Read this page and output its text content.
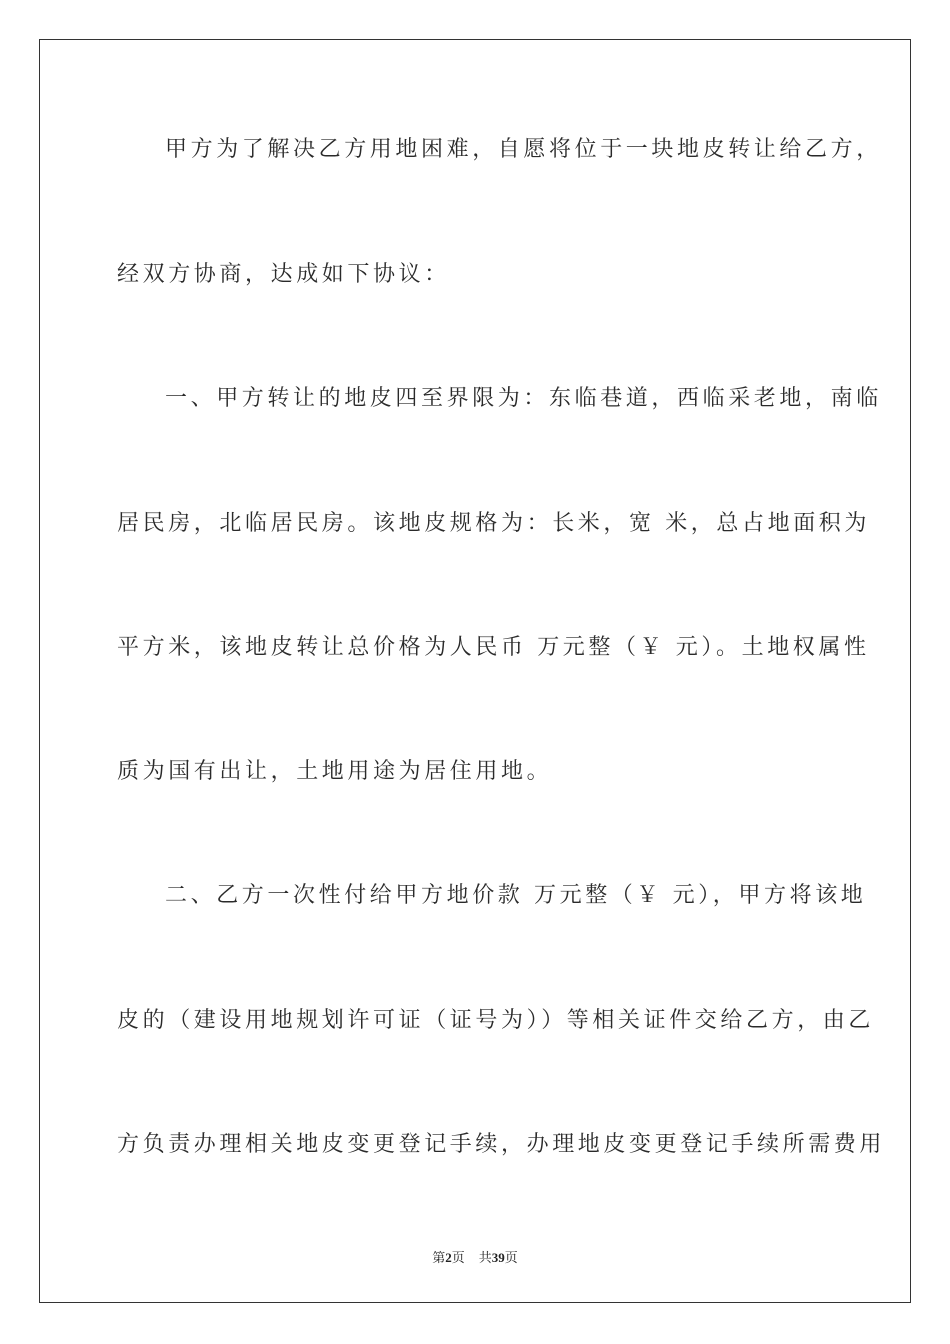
甲方为了解决乙方用地困难，自愿将位于一块地皮转让给乙方，
经双方协商，达成如下协议：
一、甲方转让的地皮四至界限为：东临巷道，西临采老地，南临
居民房，北临居民房。该地皮规格为：长米，宽 米，总占地面积为
平方米，该地皮转让总价格为人民币 万元整（￥ 元）。土地权属性
质为国有出让，土地用途为居住用地。
二、乙方一次性付给甲方地价款 万元整（￥ 元），甲方将该地
皮的（建设用地规划许可证（证号为））等相关证件交给乙方，由乙
方负责办理相关地皮变更登记手续，办理地皮变更登记手续所需费用
第2页 共39页
